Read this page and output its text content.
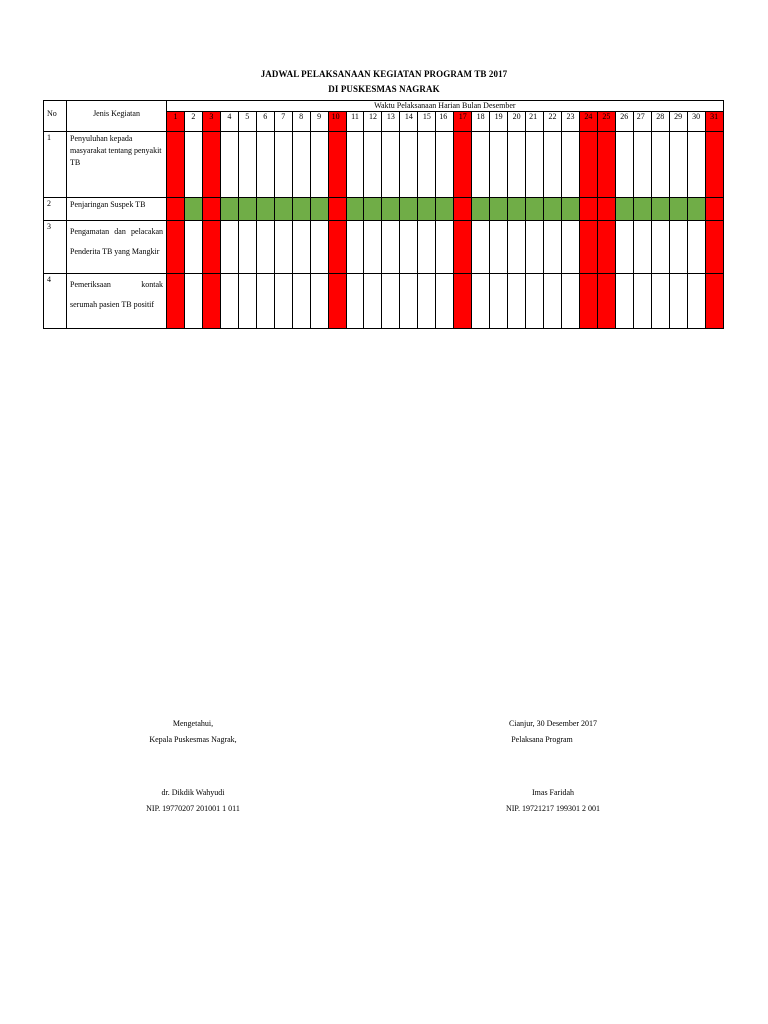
JADWAL PELAKSANAAN KEGIATAN PROGRAM TB 2017
DI PUSKESMAS NAGRAK
No	Jenis Kegiatan	Waktu Pelaksanaan Harian Bulan Desember																														
		1	2	3	4	5	6	7	8	9	10	11	12	13	14	15	16	17	18	19	20	21	22	23	24	25	26	27	28	29	30	31
1	Penyuluhan kepada masyarakat tentang penyakit TB																															
2	Penjaringan Suspek TB																															
3	Pengamatan dan pelacakan Penderita TB yang Mangkir																															
4	Pemeriksaan kontak serumah pasien TB positif																															
Mengetahui,
Kepala Puskesmas Nagrak,
dr. Dikdik Wahyudi
NIP. 19770207 201001 1 011
Cianjur, 30 Desember 2017
Pelaksana Program
Imas Faridah
NIP. 19721217 199301 2 001
